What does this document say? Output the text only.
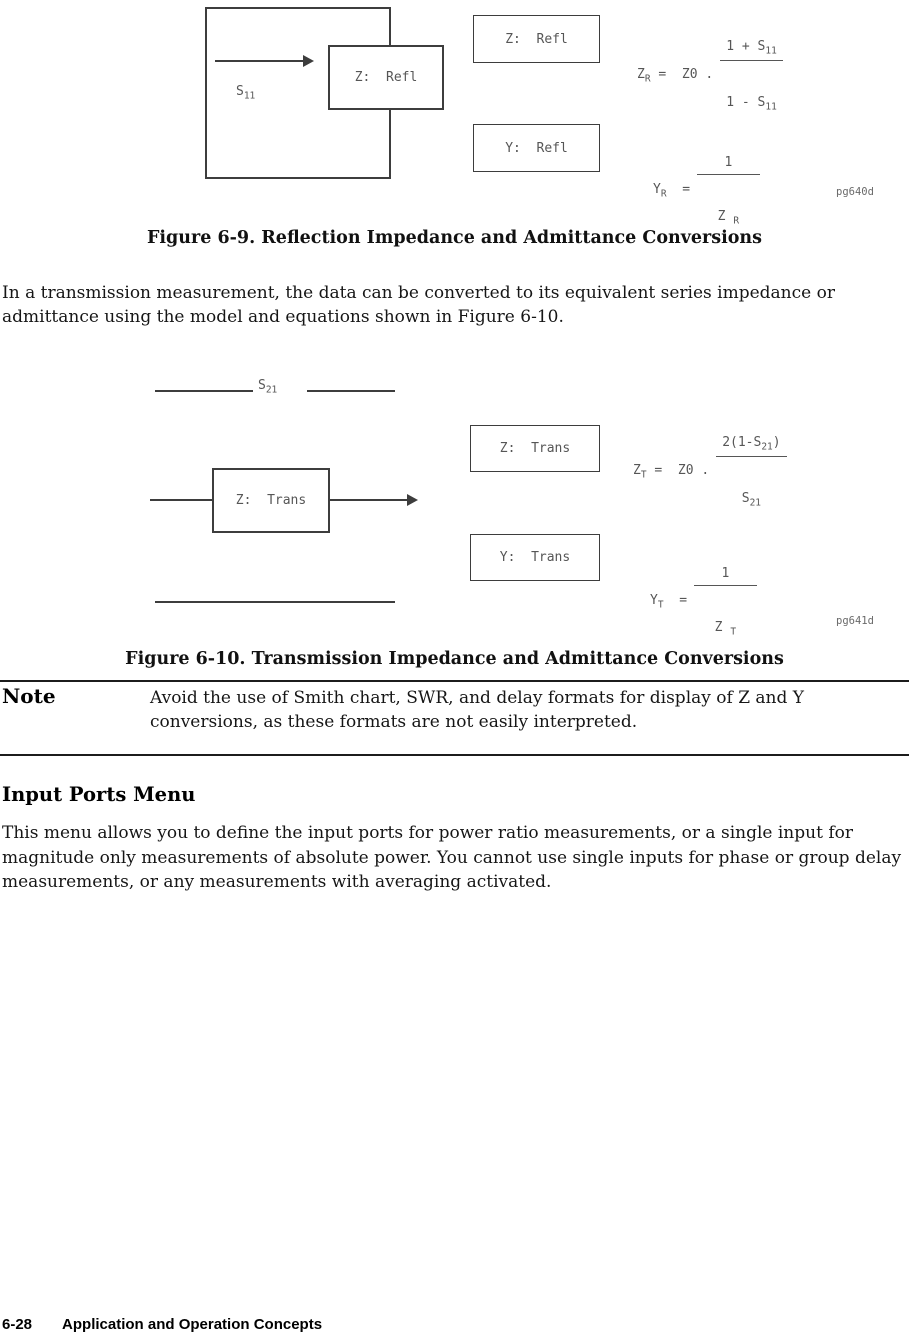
$S_{11}$
Z:  Refl
Z:  Refl
Y:  Refl
$Z_R = Z0$ .

$\frac{1 + S_{11}}{1 - S_{11}}$

$Y_R$  =

$\frac{1}{Z _R}$

	pg640d
Figure 6-9. Reflection Impedance and Admittance Conversions
In a transmission measurement, the data can be converted to its equivalent series impedance or admittance using the model and equations shown in Figure 6-10.
$S_{21}$
Z:  Trans
Z:  Trans
Y:  Trans
$Z_T = Z0$ .

$\frac{2(1-S_{21})}{S_{21}}$

$Y_T$  =

$\frac{1}{Z _T}$

	pg641d
Figure 6-10. Transmission Impedance and Admittance Conversions
Note	Avoid the use of Smith chart, SWR, and delay formats for display of Z and Y conversions, as these formats are not easily interpreted.
Input Ports Menu
This menu allows you to define the input ports for power ratio measurements, or a single input for magnitude only measurements of absolute power. You cannot use single inputs for phase or group delay measurements, or any measurements with averaging activated.
6-28 Application and Operation Concepts
